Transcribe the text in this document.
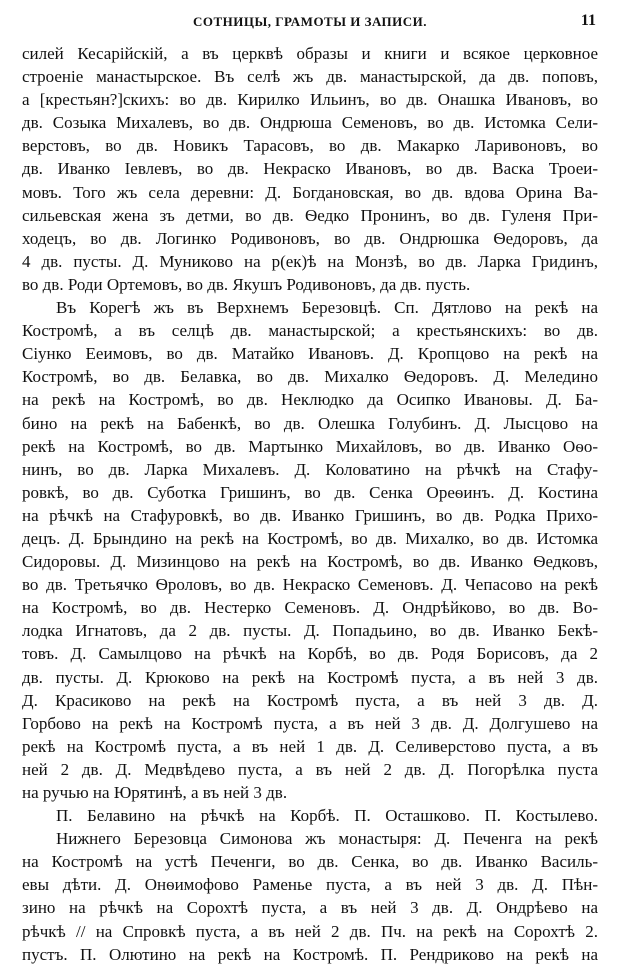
СОТНИЦЫ, ГРАМОТЫ И ЗАПИСИ.	11
силей Кесарійскій, а въ церквѣ образы и книги и всякое церковное
строеніе манастырское. Въ селѣ жъ дв. манастырской, да дв. поповъ,
а [крестьян?]скихъ: во дв. Кирилко Ильинъ, во дв. Онашка Ивановъ, во
дв. Созыка Михалевъ, во дв. Ондрюша Семеновъ, во дв. Истомка Сели-
верстовъ, во дв. Новикъ Тарасовъ, во дв. Макарко Ларивоновъ, во
дв. Иванко Іевлевъ, во дв. Некраско Ивановъ, во дв. Васка Троеи-
мовъ. Того жъ села деревни: Д. Богдановская, во дв. вдова Орина Ва-
сильевская жена зъ детми, во дв. Ѳедко Пронинъ, во дв. Гуленя При-
ходецъ, во дв. Логинко Родивоновъ, во дв. Ондрюшка Ѳедоровъ, да
4 дв. пусты. Д. Муниково на р(ек)ѣ на Монзѣ, во дв. Ларка Гридинъ,
во дв. Роди Ортемовъ, во дв. Якушъ Родивоновъ, да дв. пусть.
Въ Корегѣ жъ въ Верхнемъ Березовцѣ. Сп. Дятлово на рекѣ на
Костромѣ, а въ селцѣ дв. манастырской; а крестьянскихъ: во дв.
Сіунко Ееимовъ, во дв. Матайко Ивановъ. Д. Кропцово на рекѣ на
Костромѣ, во дв. Белавка, во дв. Михалко Ѳедоровъ. Д. Меледино
на рекѣ на Костромѣ, во дв. Неклюдко да Осипко Ивановы. Д. Ба-
бино на рекѣ на Бабенкѣ, во дв. Олешка Голубинъ. Д. Лысцово на
рекѣ на Костромѣ, во дв. Мартынко Михайловъ, во дв. Иванко Оѳо-
нинъ, во дв. Ларка Михалевъ. Д. Коловатино на рѣчкѣ на Стафу-
ровкѣ, во дв. Суботка Гришинъ, во дв. Сенка Ореѳинъ. Д. Костина
на рѣчкѣ на Стафуровкѣ, во дв. Иванко Гришинъ, во дв. Родка Прихо-
децъ. Д. Брындино на рекѣ на Костромѣ, во дв. Михалко, во дв. Истомка
Сидоровы. Д. Мизинцово на рекѣ на Костромѣ, во дв. Иванко Ѳедковъ,
во дв. Третьячко Ѳроловъ, во дв. Некраско Семеновъ. Д. Чепасово на рекѣ
на Костромѣ, во дв. Нестерко Семеновъ. Д. Ондрѣйково, во дв. Во-
лодка Игнатовъ, да 2 дв. пусты. Д. Попадьино, во дв. Иванко Бекѣ-
товъ. Д. Самылцово на рѣчкѣ на Корбѣ, во дв. Родя Борисовъ, да 2
дв. пусты. Д. Крюково на рекѣ на Костромѣ пуста, а въ ней 3 дв.
Д. Красиково на рекѣ на Костромѣ пуста, а въ ней 3 дв. Д.
Горбово на рекѣ на Костромѣ пуста, а въ ней 3 дв. Д. Долгушево на
рекѣ на Костромѣ пуста, а въ ней 1 дв. Д. Селиверстово пуста, а въ
ней 2 дв. Д. Медвѣдево пуста, а въ ней 2 дв. Д. Погорѣлка пуста
на ручью на Юрятинѣ, а въ ней 3 дв.
П. Белавино на рѣчкѣ на Корбѣ. П. Осташково. П. Костылево.
Нижнего Березовца Симонова жъ монастыря: Д. Печенга на рекѣ
на Костромѣ на устѣ Печенги, во дв. Сенка, во дв. Иванко Василь-
евы дѣти. Д. Онѳимофово Раменье пуста, а въ ней 3 дв. Д. Пѣн-
зино на рѣчкѣ на Сорохтѣ пуста, а въ ней 3 дв. Д. Ондрѣево на
рѣчкѣ // на Спровкѣ пуста, а въ ней 2 дв. Пч. на рекѣ на Сорохтѣ 2.
пустъ. П. Олютино на рекѣ на Костромѣ. П. Рендриково на рекѣ на
